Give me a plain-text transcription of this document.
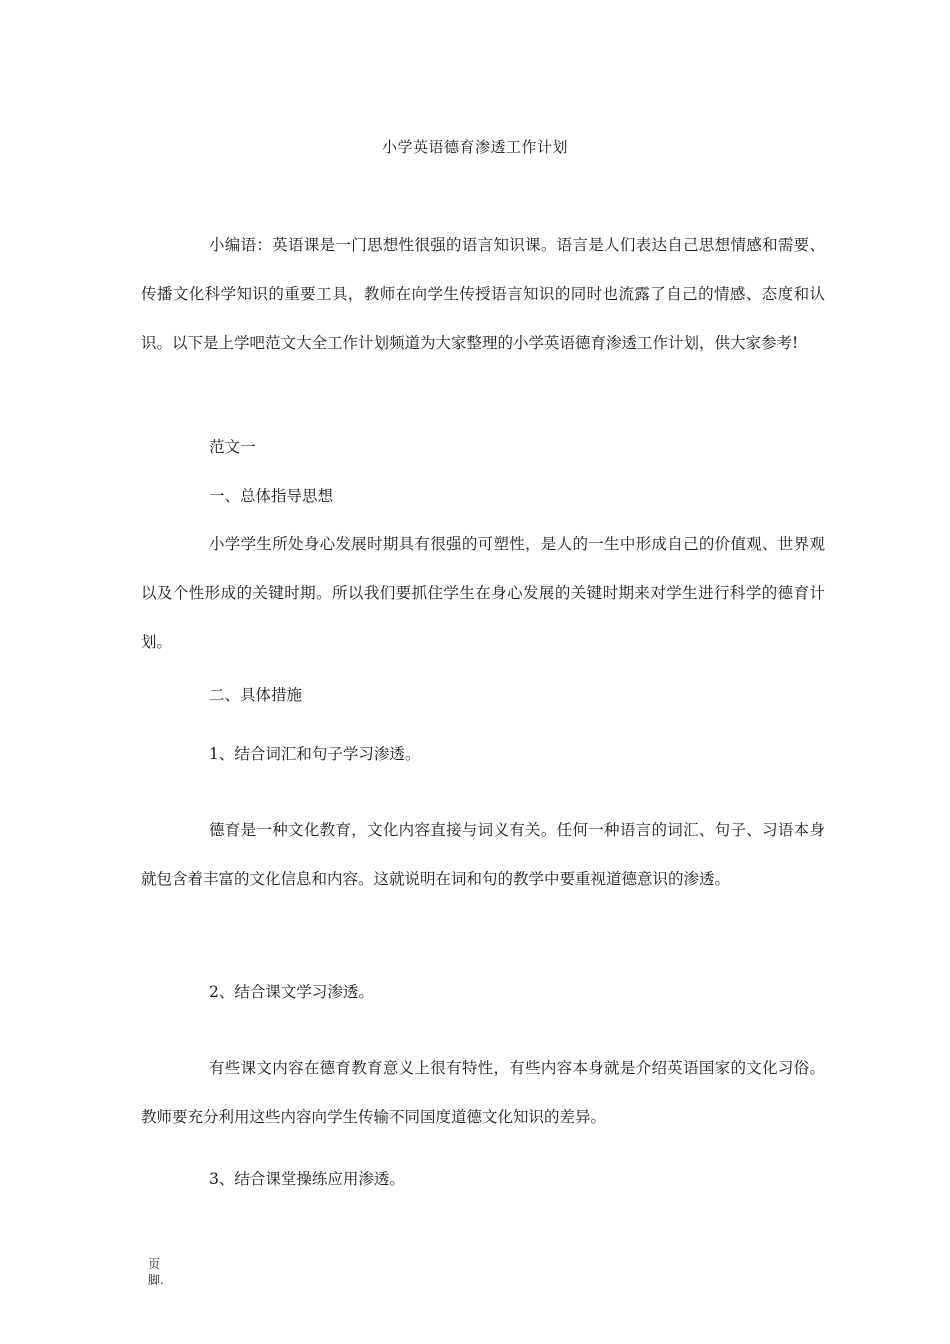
小学英语德育渗透工作计划
小编语：英语课是一门思想性很强的语言知识课。语言是人们表达自己思想情感和需要、传播文化科学知识的重要工具，教师在向学生传授语言知识的同时也流露了自己的情感、态度和认识。以下是上学吧范文大全工作计划频道为大家整理的小学英语德育渗透工作计划，供大家参考!
范文一
一、总体指导思想
小学学生所处身心发展时期具有很强的可塑性，是人的一生中形成自己的价值观、世界观以及个性形成的关键时期。所以我们要抓住学生在身心发展的关键时期来对学生进行科学的德育计划。
二、具体措施
1、结合词汇和句子学习渗透。
德育是一种文化教育，文化内容直接与词义有关。任何一种语言的词汇、句子、习语本身就包含着丰富的文化信息和内容。这就说明在词和句的教学中要重视道德意识的渗透。
2、结合课文学习渗透。
有些课文内容在德育教育意义上很有特性，有些内容本身就是介绍英语国家的文化习俗。教师要充分利用这些内容向学生传输不同国度道德文化知识的差异。
3、结合课堂操练应用渗透。
页脚.
